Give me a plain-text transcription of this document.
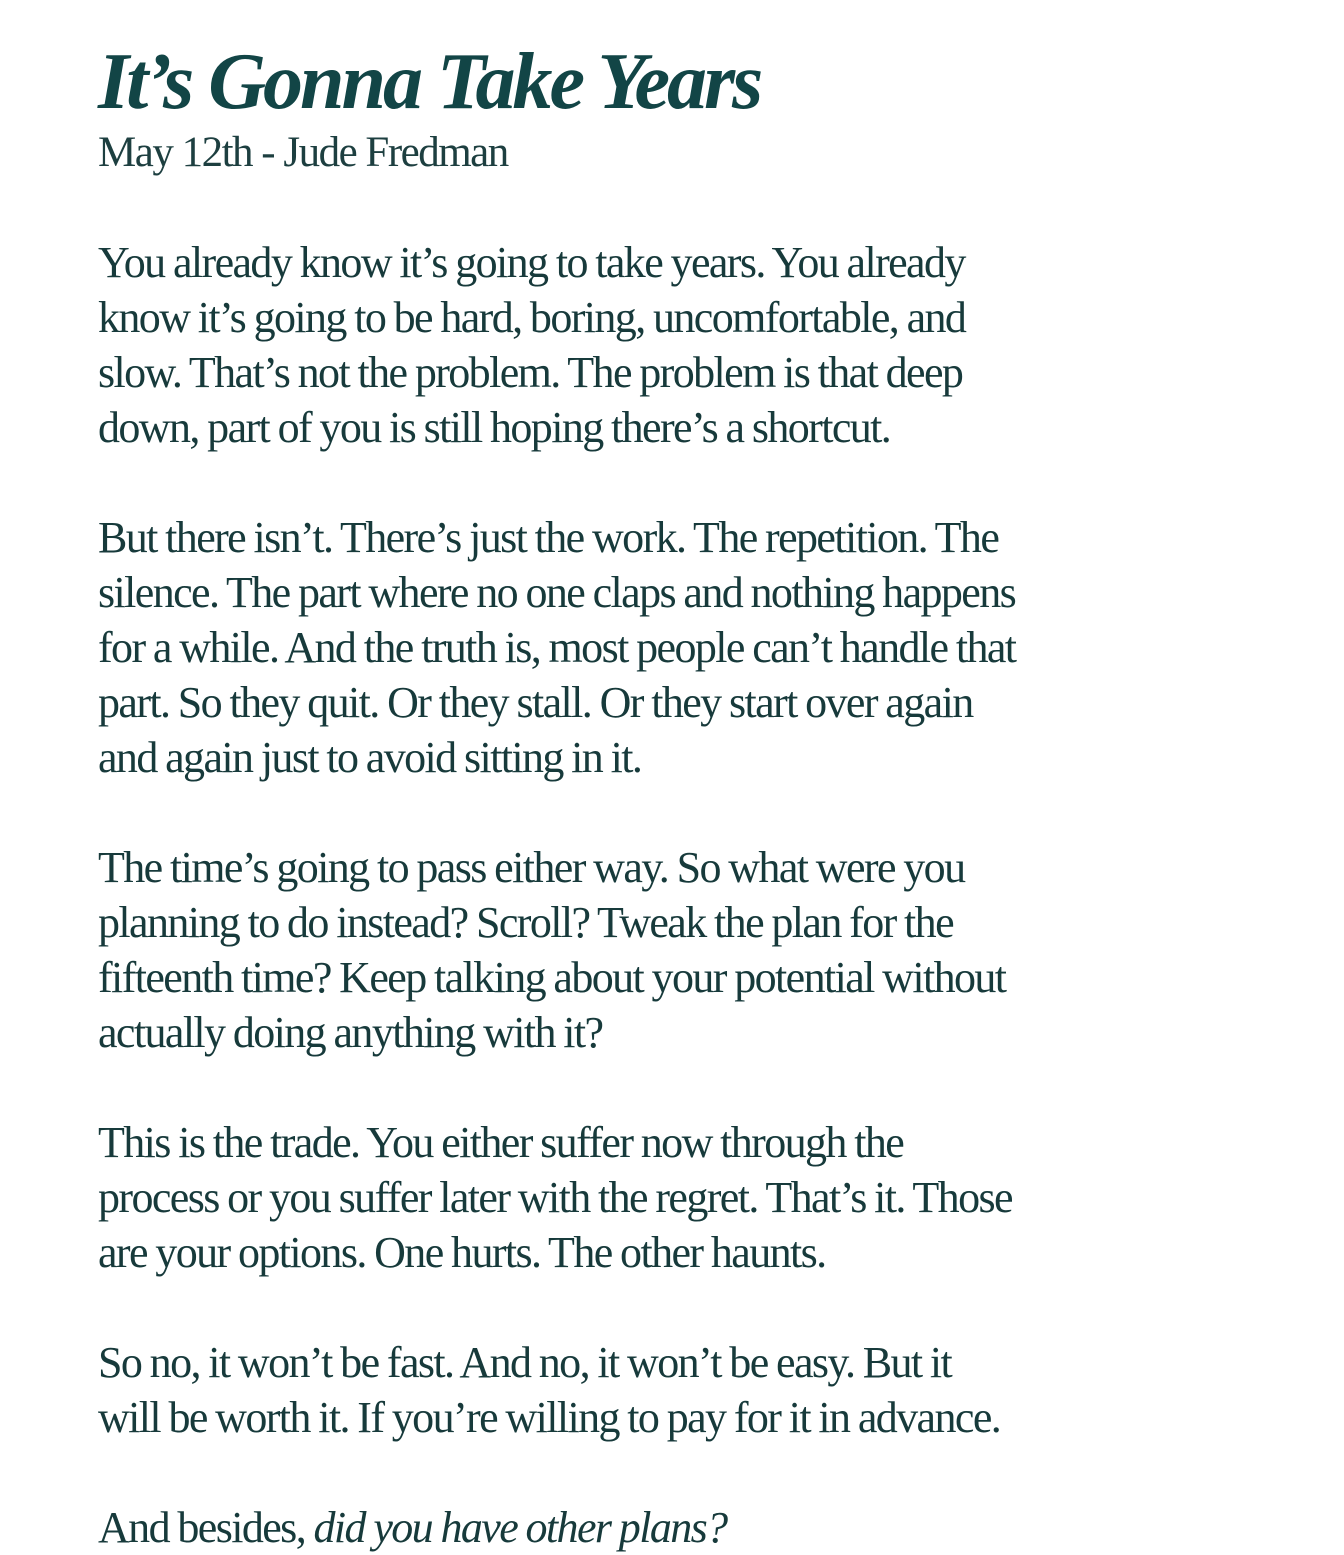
It’s Gonna Take Years

May 12th - Jude Fredman

You already know it’s going to take years. You already
know it’s going to be hard, boring, uncomfortable, and
slow. That’s not the problem. The problem is that deep
down, part of you is still hoping there’s a shortcut.

But there isn’t. There’s just the work. The repetition. The
silence. The part where no one claps and nothing happens
for a while. And the truth is, most people can’t handle that
part. So they quit. Or they stall. Or they start over again
and again just to avoid sitting in it.

The time’s going to pass either way. So what were you
planning to do instead? Scroll? Tweak the plan for the
fifteenth time? Keep talking about your potential without
actually doing anything with it?

This is the trade. You either suffer now through the
process or you suffer later with the regret. That’s it. Those
are your options. One hurts. The other haunts.

So no, it won’t be fast. And no, it won’t be easy. But it
will be worth it. If you’re willing to pay for it in advance.

And besides, did you have other plans?
